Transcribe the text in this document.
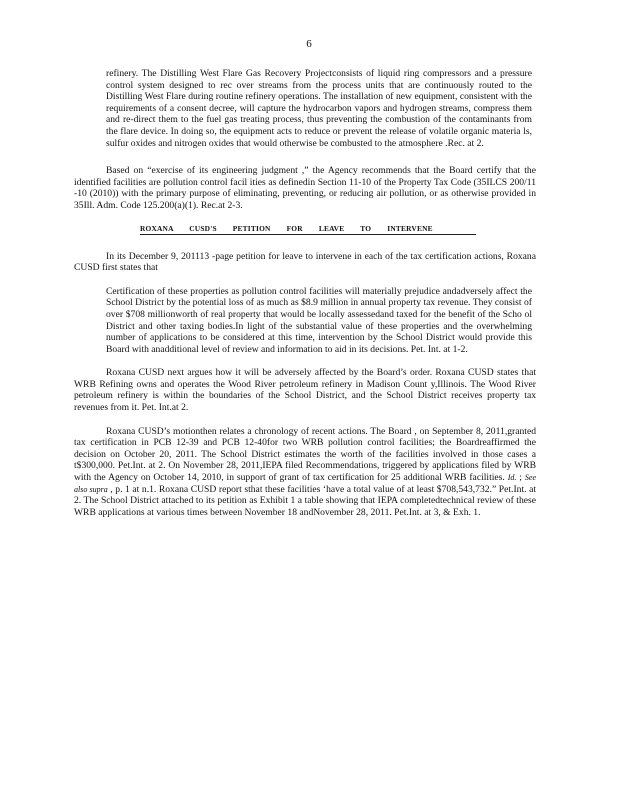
6

refinery. The Distilling West Flare Gas Recovery Projectconsists of liquid ring compressors and a pressure control system designed to rec over streams from the process units that are continuously routed to the Distilling West Flare during routine refinery operations. The installation of new equipment, consistent with the requirements of a consent decree, will capture the hydrocarbon vapors and hydrogen streams, compress them and re-direct them to the fuel gas treating process, thus preventing the combustion of the contaminants from the flare device. In doing so, the equipment acts to reduce or prevent the release of volatile organic materia ls, sulfur oxides and nitrogen oxides that would otherwise be combusted to the atmosphere .Rec. at 2.

Based on “exercise of its engineering judgment ,” the Agency recommends that the Board certify that the identified facilities are pollution control facil ities as definedin Section 11-10 of the Property Tax Code (35ILCS 200/11 -10 (2010)) with the primary purpose of eliminating, preventing, or reducing air pollution, or as otherwise provided in 35Ill. Adm. Code 125.200(a)(1). Rec.at 2-3.

ROXANA CUSD'S PETITION FOR LEAVE TO INTERVENE

In its December 9, 201113 -page petition for leave to intervene in each of the tax certification actions, Roxana CUSD first states that

Certification of these properties as pollution control facilities will materially prejudice andadversely affect the School District by the potential loss of as much as $8.9 million in annual property tax revenue. They consist of over $708 millionworth of real property that would be locally assessedand taxed for the benefit of the Scho ol District and other taxing bodies.In light of the substantial value of these properties and the overwhelming number of applications to be considered at this time, intervention by the School District would provide this Board with anadditional level of review and information to aid in its decisions. Pet. Int. at 1-2.

Roxana CUSD next argues how it will be adversely affected by the Board’s order. Roxana CUSD states that WRB Refining owns and operates the Wood River petroleum refinery in Madison Count y,Illinois. The Wood River petroleum refinery is within the boundaries of the School District, and the School District receives property tax revenues from it. Pet. Int.at 2.

Roxana CUSD’s motionthen relates a chronology of recent actions. The Board , on September 8, 2011,granted tax certification in PCB 12-39 and PCB 12-40for two WRB pollution control facilities; the Boardreaffirmed the decision on October 20, 2011. The School District estimates the worth of the facilities involved in those cases a t$300,000. Pet.Int. at 2. On November 28, 2011,IEPA filed Recommendations, triggered by applications filed by WRB with the Agency on October 14, 2010, in support of grant of tax certification for 25 additional WRB facilities. Id. ; See also supra , p. 1 at n.1. Roxana CUSD report sthat these facilities ‘have a total value of at least $708,543,732.” Pet.Int. at 2. The School District attached to its petition as Exhibit 1 a table showing that IEPA completedtechnical review of these WRB applications at various times between November 18 andNovember 28, 2011. Pet.Int. at 3, & Exh. 1.
